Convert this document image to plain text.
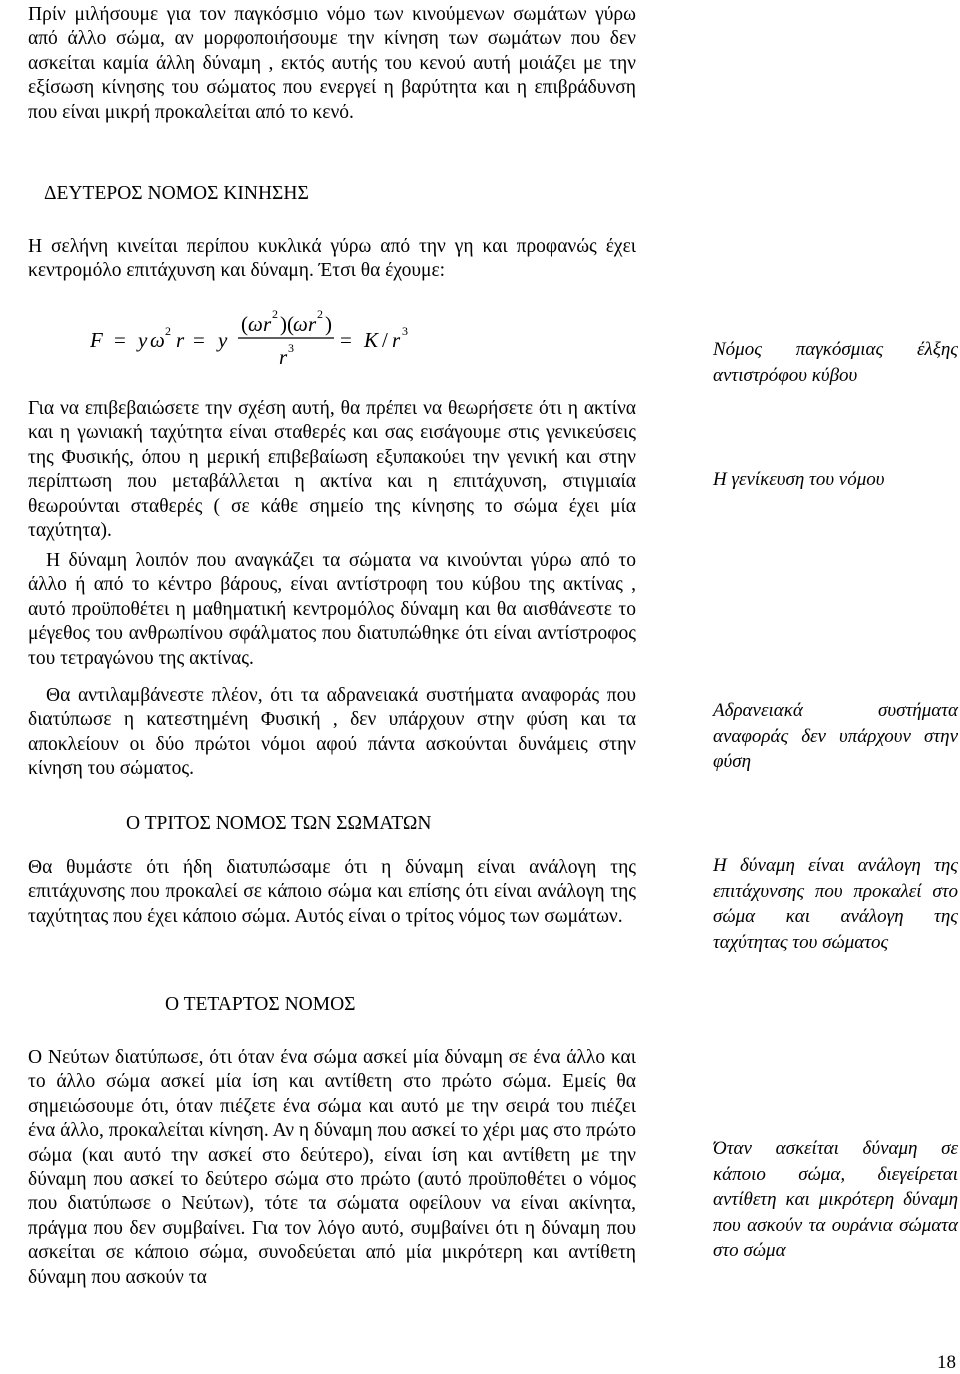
Πρίν μιλήσουμε για τον παγκόσμιο νόμο των κινούμενων σωμάτων γύρω από άλλο σώμα, αν μορφοποιήσουμε την κίνηση των σωμάτων που δεν ασκείται καμία άλλη δύναμη , εκτός αυτής του κενού αυτή μοιάζει με την εξίσωση κίνησης του σώματος που ενεργεί η βαρύτητα και η επιβράδυνση που είναι μικρή προκαλείται από το κενό.

ΔΕΥΤΕΡΟΣ ΝΟΜΟΣ ΚΙΝΗΣΗΣ

Η σελήνη κινείται περίπου κυκλικά γύρω από την γη και προφανώς έχει κεντρομόλο επιτάχυνση και δύναμη. Έτσι θα έχουμε:

F = y ω 2 r = y
( ω r 2 )( ω r 2 )
r 3 = K / r 3

Για να επιβεβαιώσετε την σχέση αυτή, θα πρέπει να θεωρήσετε ότι η ακτίνα και η γωνιακή ταχύτητα είναι σταθερές και σας εισάγουμε στις γενικεύσεις της Φυσικής, όπου η μερική επιβεβαίωση εξυπακούει την γενική και στην περίπτωση που μεταβάλλεται η ακτίνα και η επιτάχυνση, στιγμιαία θεωρούνται σταθερές ( σε κάθε σημείο της κίνησης το σώμα έχει μία ταχύτητα).

Η δύναμη λοιπόν που αναγκάζει τα σώματα να κινούνται γύρω από το άλλο ή από το κέντρο βάρους, είναι αντίστροφη του κύβου της ακτίνας , αυτό προϋποθέτει η μαθηματική κεντρομόλος δύναμη και θα αισθάνεστε το μέγεθος του ανθρωπίνου σφάλματος που διατυπώθηκε ότι είναι αντίστροφος του τετραγώνου της ακτίνας.

Θα αντιλαμβάνεστε πλέον, ότι τα αδρανειακά συστήματα αναφοράς που διατύπωσε η κατεστημένη Φυσική , δεν υπάρχουν στην φύση και τα αποκλείουν οι δύο πρώτοι νόμοι αφού πάντα ασκούνται δυνάμεις στην κίνηση του σώματος.

Ο ΤΡΙΤΟΣ ΝΟΜΟΣ ΤΩΝ ΣΩΜΑΤΩΝ

Θα θυμάστε ότι ήδη διατυπώσαμε ότι η δύναμη είναι ανάλογη της επιτάχυνσης που προκαλεί σε κάποιο σώμα και επίσης ότι είναι ανάλογη της ταχύτητας που έχει κάποιο σώμα. Αυτός είναι ο τρίτος νόμος των σωμάτων.

Ο ΤΕΤΑΡΤΟΣ ΝΟΜΟΣ

Ο Νεύτων διατύπωσε, ότι όταν ένα σώμα ασκεί μία δύναμη σε ένα άλλο και το άλλο σώμα ασκεί μία ίση και αντίθετη στο πρώτο σώμα. Εμείς θα σημειώσουμε ότι, όταν πιέζετε ένα σώμα και αυτό με την σειρά του πιέζει ένα άλλο, προκαλείται κίνηση. Αν η δύναμη που ασκεί το χέρι μας στο πρώτο σώμα (και αυτό την ασκεί στο δεύτερο), είναι ίση και αντίθετη με την δύναμη που ασκεί το δεύτερο σώμα στο πρώτο (αυτό προϋποθέτει ο νόμος που διατύπωσε ο Νεύτων), τότε τα σώματα οφείλουν να είναι ακίνητα, πράγμα που δεν συμβαίνει. Για τον λόγο αυτό, συμβαίνει ότι η δύναμη που ασκείται σε κάποιο σώμα, συνοδεύεται από μία μικρότερη και αντίθετη δύναμη που ασκούν τα

Νόμος παγκόσμιας έλξης αντιστρόφου κύβου
Η γενίκευση του νόμου
Αδρανειακά συστήματα αναφοράς δεν υπάρχουν στην φύση
Η δύναμη είναι ανάλογη της επιτάχυνσης που προκαλεί στο σώμα και ανάλογη της ταχύτητας του σώματος
Όταν ασκείται δύναμη σε κάποιο σώμα, διεγείρεται αντίθετη και μικρότερη δύναμη που ασκούν τα ουράνια σώματα στο σώμα
18
